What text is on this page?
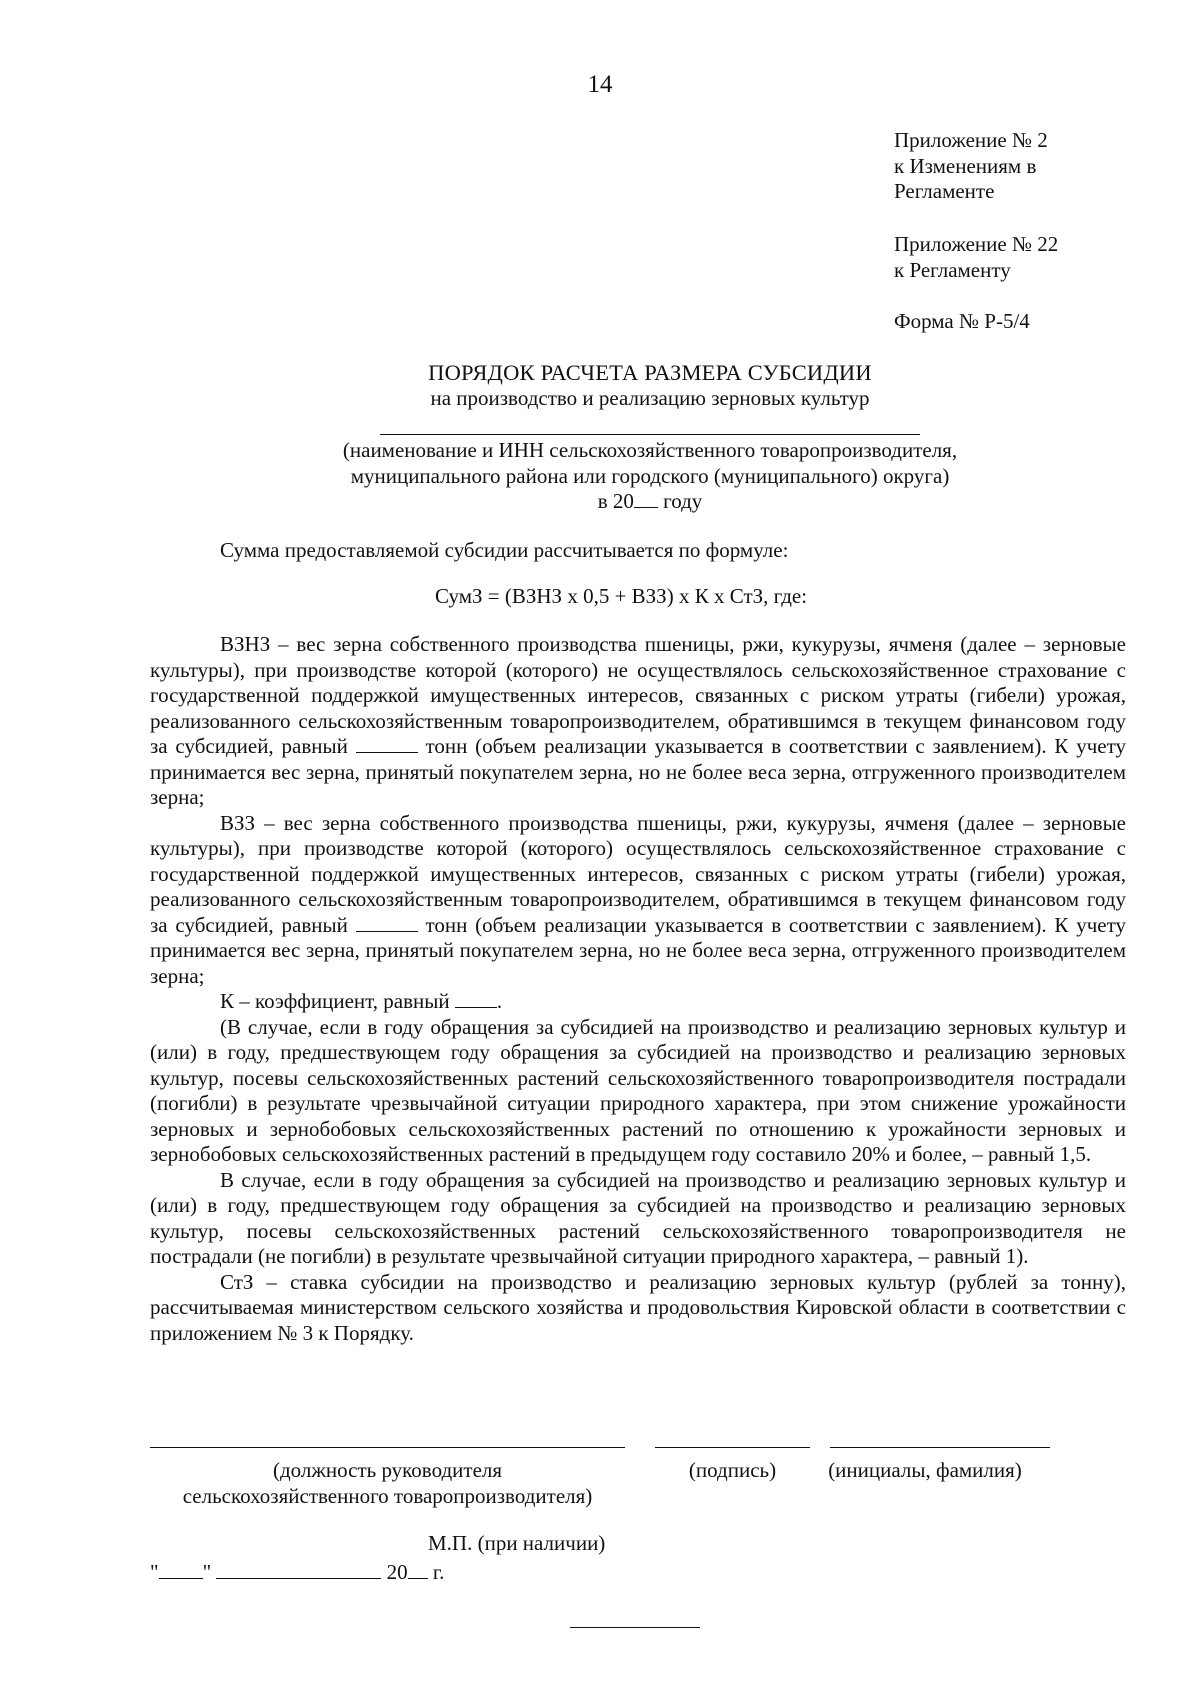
14
Приложение № 2
к Изменениям в
Регламенте
Приложение № 22
к Регламенту
Форма № Р-5/4
ПОРЯДОК РАСЧЕТА РАЗМЕРА СУБСИДИИ
на производство и реализацию зерновых культур
(наименование и ИНН сельскохозяйственного товаропроизводителя,
муниципального района или городского (муниципального) округа)
в 20 году
Сумма предоставляемой субсидии рассчитывается по формуле:
СумЗ = (ВЗНЗ х 0,5 + ВЗЗ) х К х СтЗ, где:

ВЗНЗ – вес зерна собственного производства пшеницы, ржи, кукурузы, ячменя (далее – зерновые культуры), при производстве которой (которого) не осуществлялось сельскохозяйственное страхование с государственной поддержкой имущественных интересов, связанных с риском утраты (гибели) урожая, реализованного сельскохозяйственным товаропроизводителем, обратившимся в текущем финансовом году за субсидией, равный	тонн (объем реализации указывается в соответствии с заявлением). К учету принимается вес зерна, принятый покупателем зерна, но не более веса зерна, отгруженного производителем зерна;

ВЗЗ – вес зерна собственного производства пшеницы, ржи, кукурузы, ячменя (далее – зерновые культуры), при производстве которой (которого) осуществлялось сельскохозяйственное страхование с государственной поддержкой имущественных интересов, связанных с риском утраты (гибели) урожая, реализованного сельскохозяйственным товаропроизводителем, обратившимся в текущем финансовом году за субсидией, равный	тонн (объем реализации указывается в соответствии с заявлением). К учету принимается вес зерна, принятый покупателем зерна, но не более веса зерна, отгруженного производителем зерна;

К – коэффициент, равный .

(В случае, если в году обращения за субсидией на производство и реализацию зерновых культур и (или) в году, предшествующем году обращения за субсидией на производство и реализацию зерновых культур, посевы сельскохозяйственных растений сельскохозяйственного товаропроизводителя пострадали (погибли) в результате чрезвычайной ситуации природного характера, при этом снижение урожайности зерновых и зернобобовых сельскохозяйственных растений по отношению к урожайности зерновых и зернобобовых сельскохозяйственных растений в предыдущем году составило 20% и более, – равный 1,5.

В случае, если в году обращения за субсидией на производство и реализацию зерновых культур и (или) в году, предшествующем году обращения за субсидией на производство и реализацию зерновых культур, посевы сельскохозяйственных растений сельскохозяйственного товаропроизводителя не пострадали (не погибли) в результате чрезвычайной ситуации природного характера, – равный 1).

СтЗ – ставка субсидии на производство и реализацию зерновых культур (рублей за тонну), рассчитываемая министерством сельского хозяйства и продовольствия Кировской области в соответствии с приложением № 3 к Порядку.

(должность руководителя
сельскохозяйственного товаропроизводителя)
(подпись)	(инициалы, фамилия)
М.П. (при наличии)
" "	20 г.
